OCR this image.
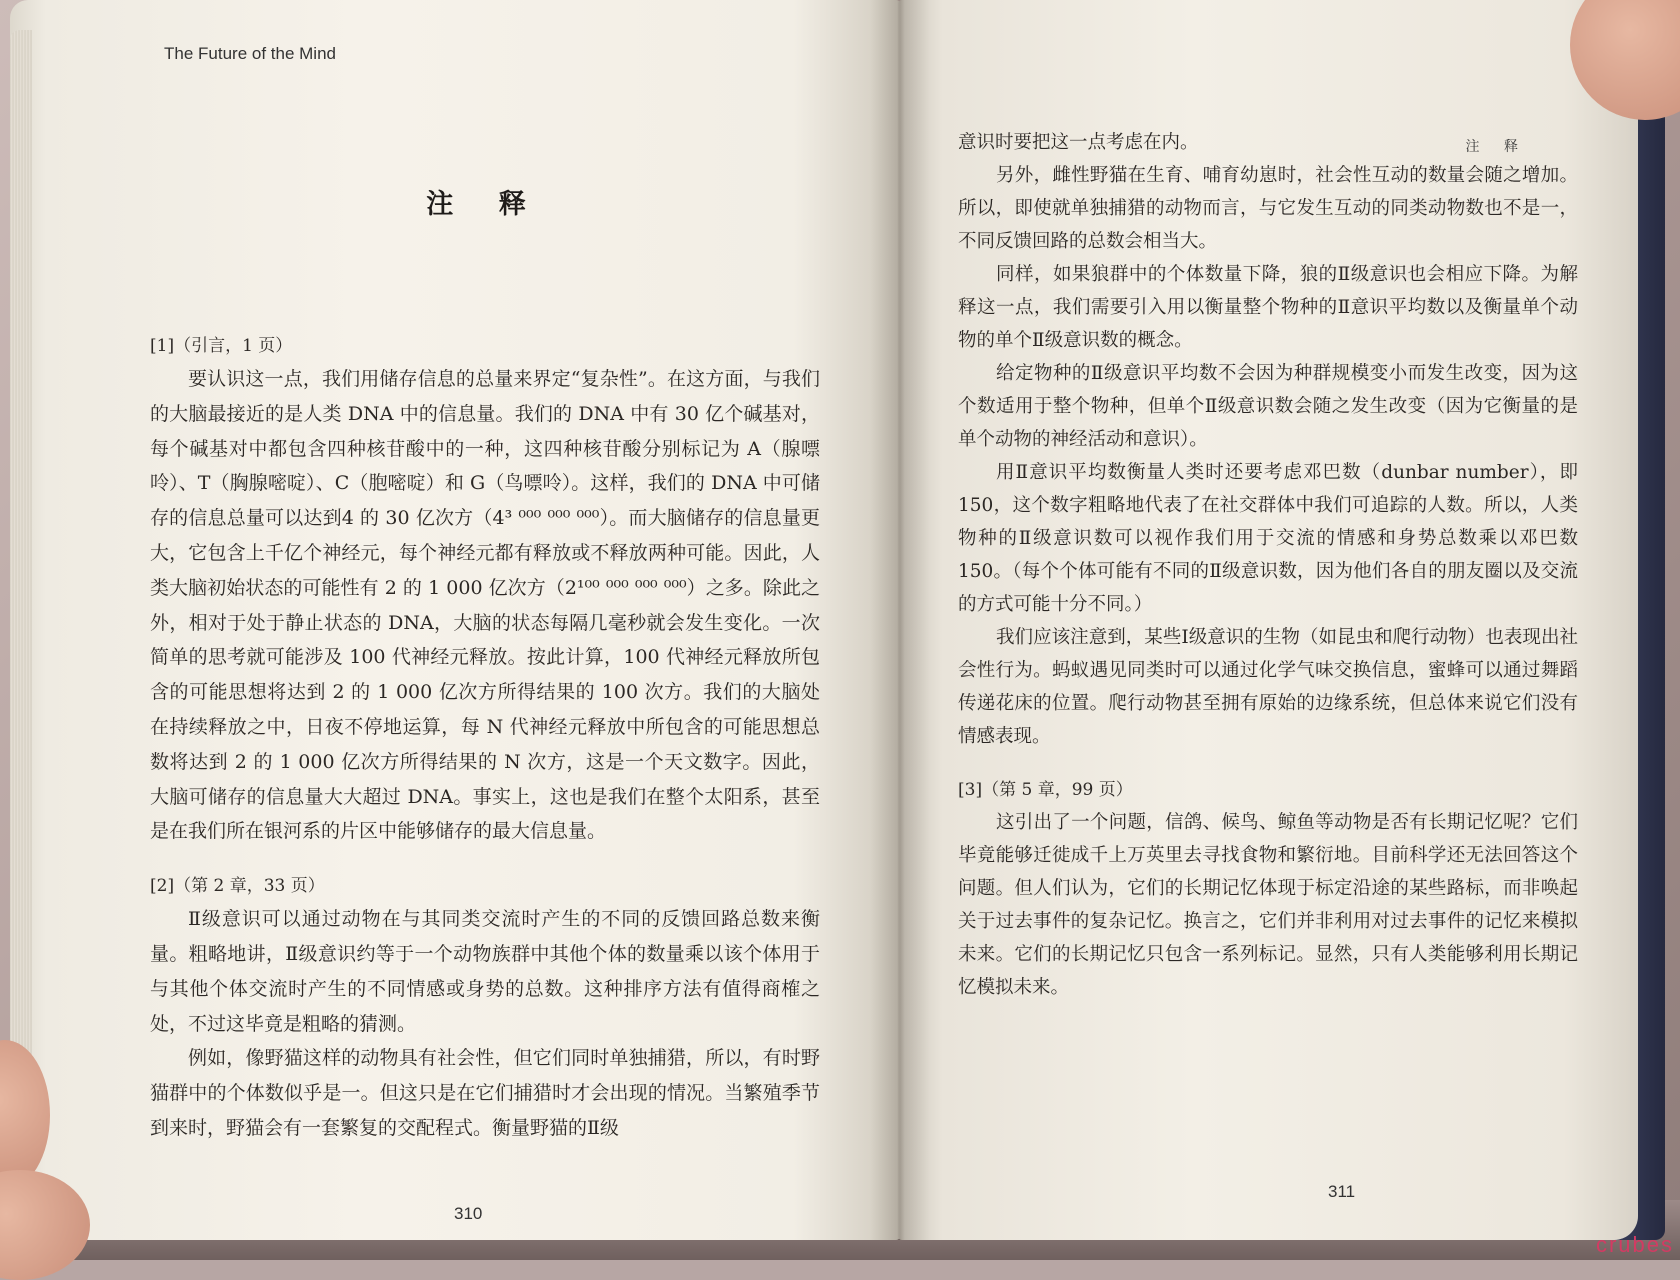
The Future of the Mind
注 释
[1]（引言，1 页）

要认识这一点，我们用储存信息的总量来界定“复杂性”。在这方面，与我们的大脑最接近的是人类 DNA 中的信息量。我们的 DNA 中有 30 亿个碱基对，每个碱基对中都包含四种核苷酸中的一种，这四种核苷酸分别标记为 A（腺嘌呤）、T（胸腺嘧啶）、C（胞嘧啶）和 G（鸟嘌呤）。这样，我们的 DNA 中可储存的信息总量可以达到4 的 30 亿次方（4³ ⁰⁰⁰ ⁰⁰⁰ ⁰⁰⁰）。而大脑储存的信息量更大，它包含上千亿个神经元，每个神经元都有释放或不释放两种可能。因此，人类大脑初始状态的可能性有 2 的 1 000 亿次方（2¹⁰⁰ ⁰⁰⁰ ⁰⁰⁰ ⁰⁰⁰）之多。除此之外，相对于处于静止状态的 DNA，大脑的状态每隔几毫秒就会发生变化。一次简单的思考就可能涉及 100 代神经元释放。按此计算，100 代神经元释放所包含的可能思想将达到 2 的 1 000 亿次方所得结果的 100 次方。我们的大脑处在持续释放之中，日夜不停地运算，每 N 代神经元释放中所包含的可能思想总数将达到 2 的 1 000 亿次方所得结果的 N 次方，这是一个天文数字。因此，大脑可储存的信息量大大超过 DNA。事实上，这也是我们在整个太阳系，甚至是在我们所在银河系的片区中能够储存的最大信息量。

[2]（第 2 章，33 页）

Ⅱ级意识可以通过动物在与其同类交流时产生的不同的反馈回路总数来衡量。粗略地讲，Ⅱ级意识约等于一个动物族群中其他个体的数量乘以该个体用于与其他个体交流时产生的不同情感或身势的总数。这种排序方法有值得商榷之处，不过这毕竟是粗略的猜测。

例如，像野猫这样的动物具有社会性，但它们同时单独捕猎，所以，有时野猫群中的个体数似乎是一。但这只是在它们捕猎时才会出现的情况。当繁殖季节到来时，野猫会有一套繁复的交配程式。衡量野猫的Ⅱ级

310
注 释

意识时要把这一点考虑在内。

另外，雌性野猫在生育、哺育幼崽时，社会性互动的数量会随之增加。所以，即使就单独捕猎的动物而言，与它发生互动的同类动物数也不是一，不同反馈回路的总数会相当大。

同样，如果狼群中的个体数量下降，狼的Ⅱ级意识也会相应下降。为解释这一点，我们需要引入用以衡量整个物种的Ⅱ意识平均数以及衡量单个动物的单个Ⅱ级意识数的概念。

给定物种的Ⅱ级意识平均数不会因为种群规模变小而发生改变，因为这个数适用于整个物种，但单个Ⅱ级意识数会随之发生改变（因为它衡量的是单个动物的神经活动和意识）。

用Ⅱ意识平均数衡量人类时还要考虑邓巴数（dunbar number），即 150，这个数字粗略地代表了在社交群体中我们可追踪的人数。所以，人类物种的Ⅱ级意识数可以视作我们用于交流的情感和身势总数乘以邓巴数 150。（每个个体可能有不同的Ⅱ级意识数，因为他们各自的朋友圈以及交流的方式可能十分不同。）

我们应该注意到，某些Ⅰ级意识的生物（如昆虫和爬行动物）也表现出社会性行为。蚂蚁遇见同类时可以通过化学气味交换信息，蜜蜂可以通过舞蹈传递花床的位置。爬行动物甚至拥有原始的边缘系统，但总体来说它们没有情感表现。

[3]（第 5 章，99 页）

这引出了一个问题，信鸽、候鸟、鲸鱼等动物是否有长期记忆呢？它们毕竟能够迁徙成千上万英里去寻找食物和繁衍地。目前科学还无法回答这个问题。但人们认为，它们的长期记忆体现于标定沿途的某些路标，而非唤起关于过去事件的复杂记忆。换言之，它们并非利用对过去事件的记忆来模拟未来。它们的长期记忆只包含一系列标记。显然，只有人类能够利用长期记忆模拟未来。

311
crubes
